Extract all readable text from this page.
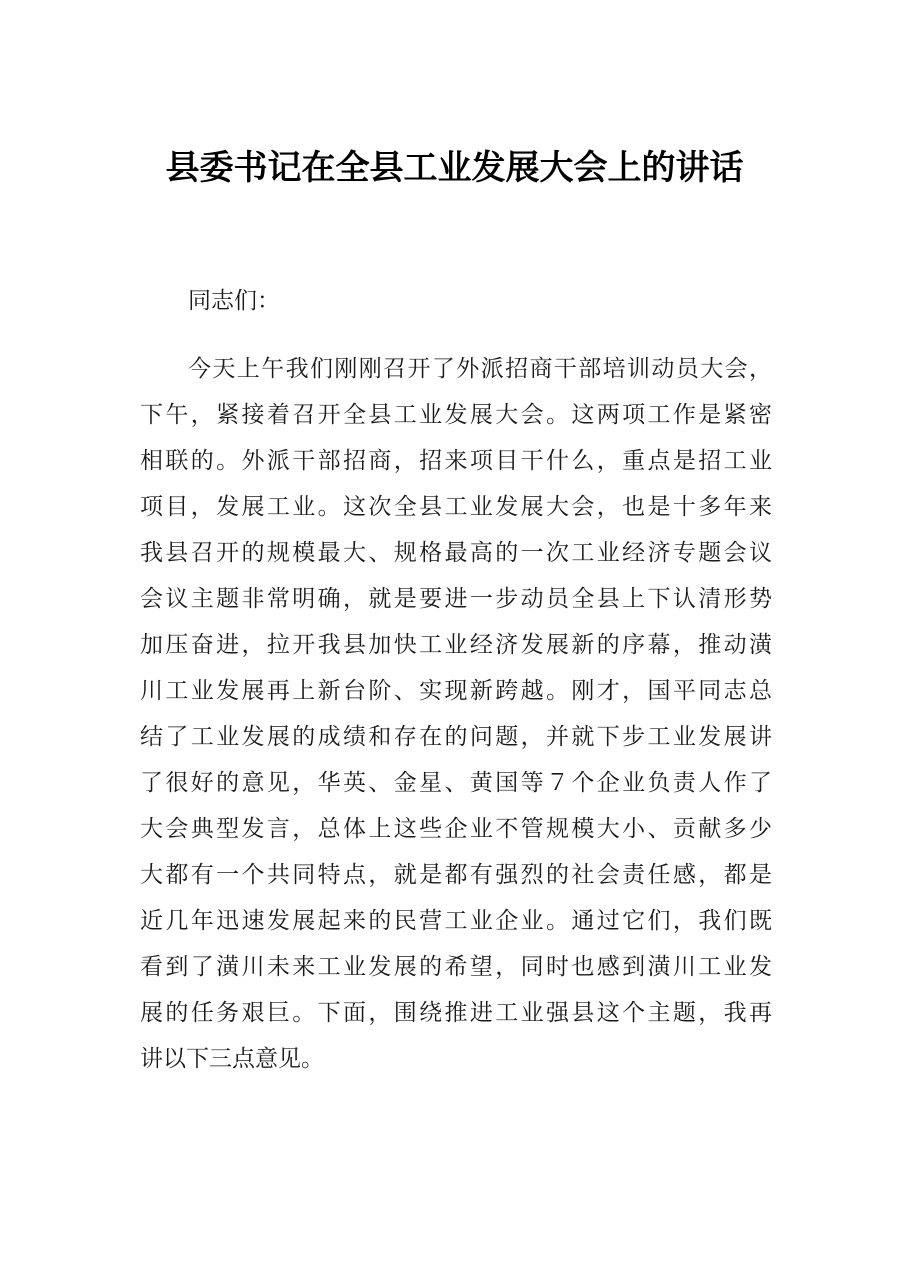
县委书记在全县工业发展大会上的讲话
同志们：
今天上午我们刚刚召开了外派招商干部培训动员大会，
下午，紧接着召开全县工业发展大会。这两项工作是紧密
相联的。外派干部招商，招来项目干什么，重点是招工业
项目，发展工业。这次全县工业发展大会，也是十多年来
我县召开的规模最大、规格最高的一次工业经济专题会议
会议主题非常明确，就是要进一步动员全县上下认清形势
加压奋进，拉开我县加快工业经济发展新的序幕，推动潢
川工业发展再上新台阶、实现新跨越。刚才，国平同志总
结了工业发展的成绩和存在的问题，并就下步工业发展讲
了很好的意见，华英、金星、黄国等７个企业负责人作了
大会典型发言，总体上这些企业不管规模大小、贡献多少
大都有一个共同特点，就是都有强烈的社会责任感，都是
近几年迅速发展起来的民营工业企业。通过它们，我们既
看到了潢川未来工业发展的希望，同时也感到潢川工业发
展的任务艰巨。下面，围绕推进工业强县这个主题，我再
讲以下三点意见。
